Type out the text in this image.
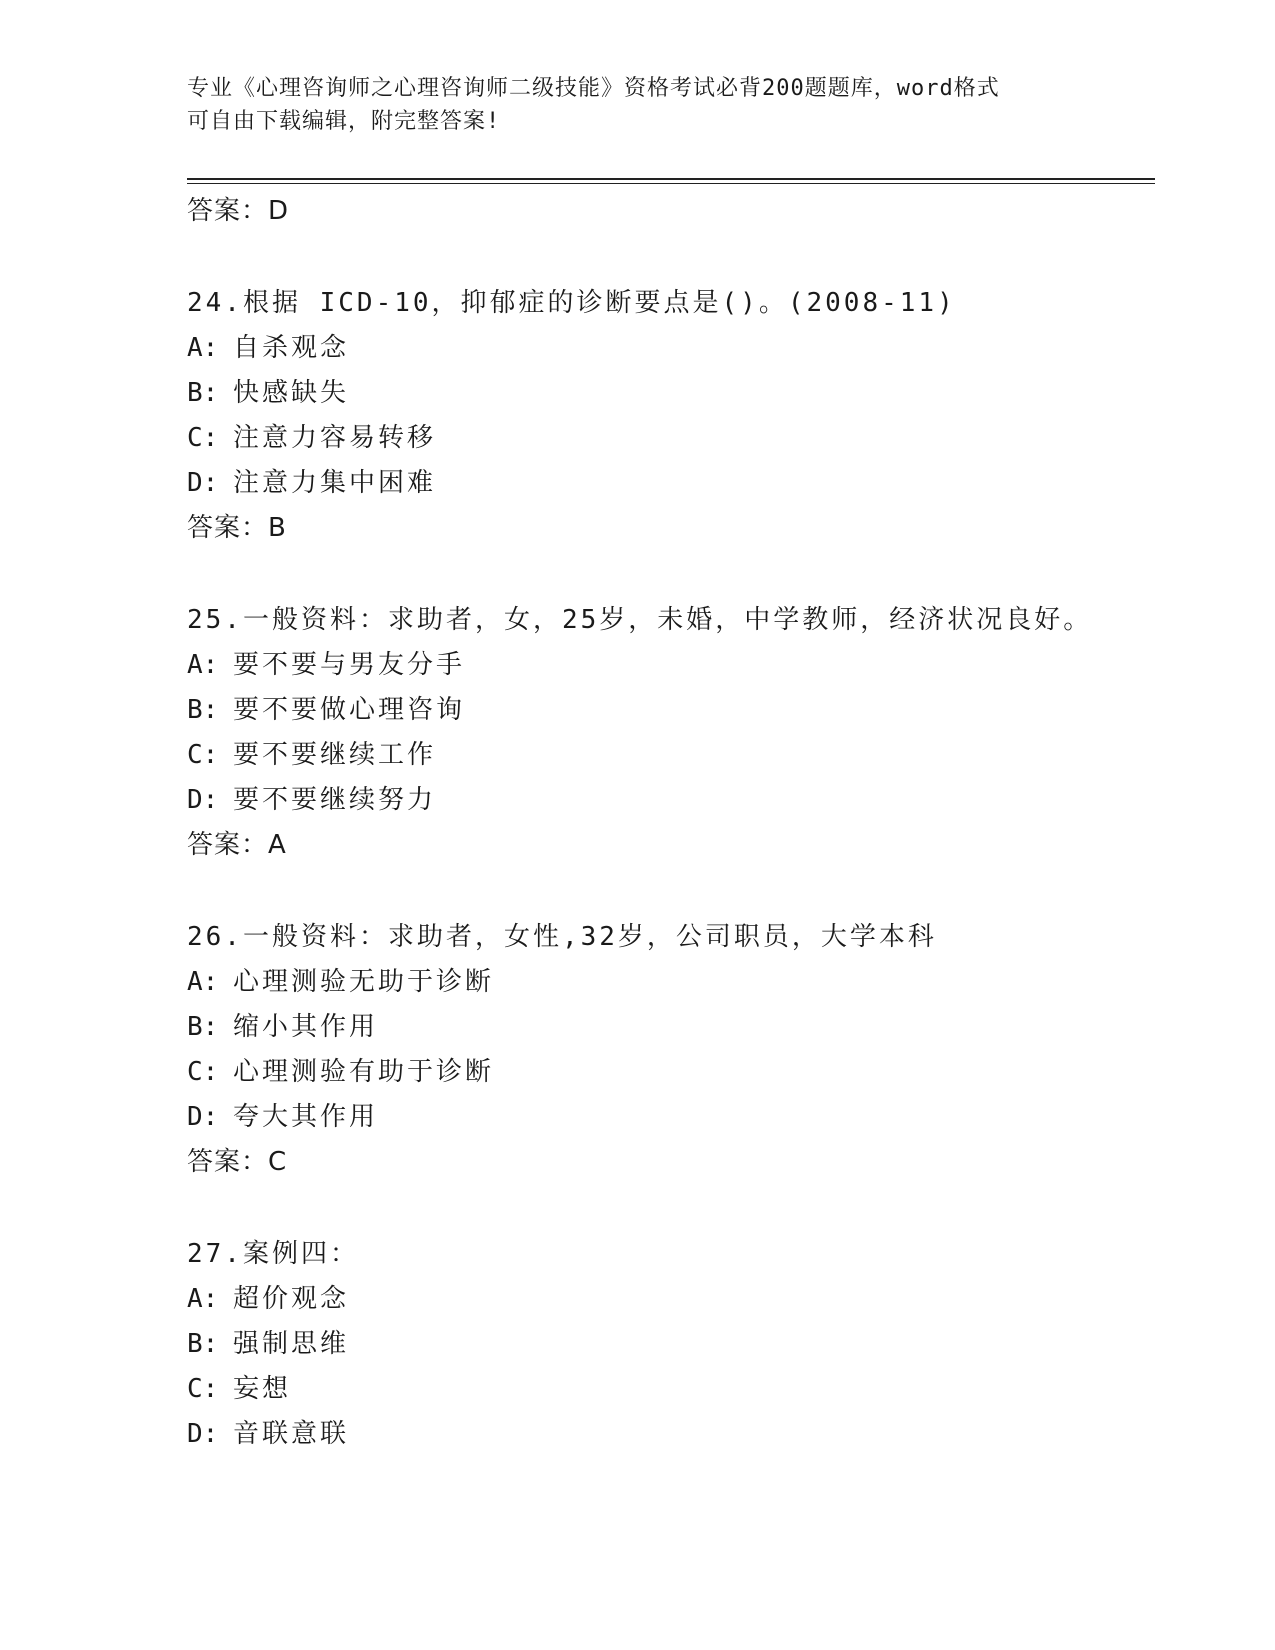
专业《心理咨询师之心理咨询师二级技能》资格考试必背200题题库，word格式
可自由下载编辑，附完整答案!
答案：D
24.根据 ICD-10，抑郁症的诊断要点是()。(2008-11)
A: 自杀观念
B: 快感缺失
C: 注意力容易转移
D: 注意力集中困难
答案：B
25.一般资料：求助者，女，25岁，未婚，中学教师，经济状况良好。
A: 要不要与男友分手
B: 要不要做心理咨询
C: 要不要继续工作
D: 要不要继续努力
答案：A
26.一般资料：求助者，女性,32岁，公司职员，大学本科
A: 心理测验无助于诊断
B: 缩小其作用
C: 心理测验有助于诊断
D: 夸大其作用
答案：C
27.案例四：
A: 超价观念
B: 强制思维
C: 妄想
D: 音联意联
